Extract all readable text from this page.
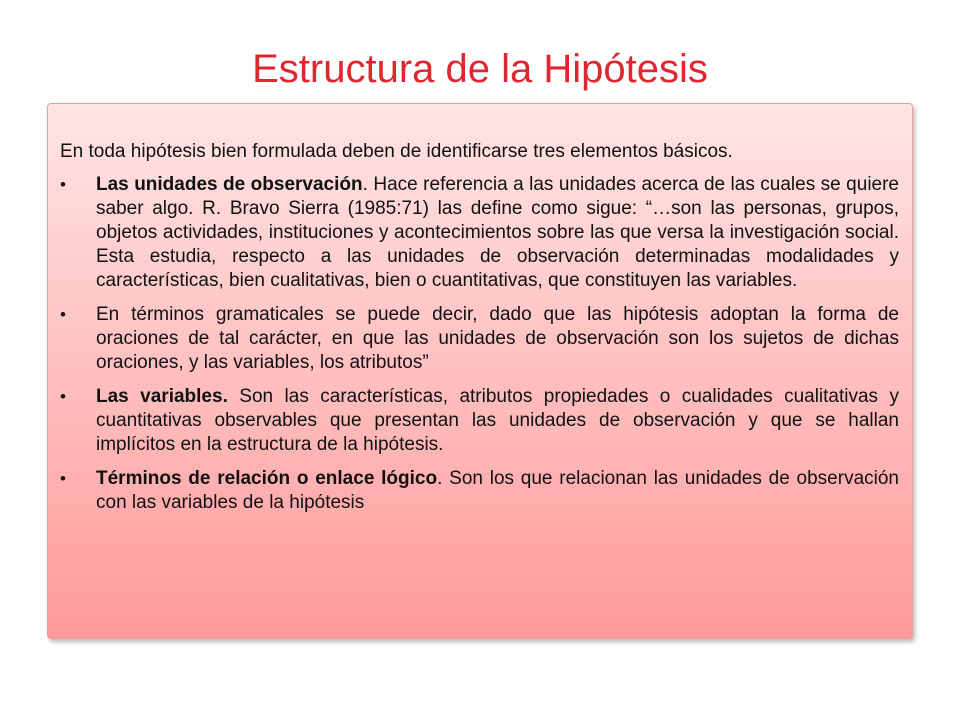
Estructura de la Hipótesis

En toda hipótesis bien formulada deben de identificarse tres elementos básicos.

•	Las unidades de observación. Hace referencia a las unidades acerca de las cuales se quiere saber algo. R. Bravo Sierra (1985:71) las define como sigue: “…son las personas, grupos, objetos actividades, instituciones y acontecimientos sobre las que versa la investigación social. Esta estudia, respecto a las unidades de observación determinadas modalidades y características, bien cualitativas, bien o cuantitativas, que constituyen las variables.
•	En términos gramaticales se puede decir, dado que las hipótesis adoptan la forma de oraciones de tal carácter, en que las unidades de observación son los sujetos de dichas oraciones, y las variables, los atributos”
•	Las variables. Son las características, atributos propiedades o cualidades cualitativas y cuantitativas observables que presentan las unidades de observación y que se hallan implícitos en la estructura de la hipótesis.
•	Términos de relación o enlace lógico. Son los que relacionan las unidades de observación con las variables de la hipótesis
